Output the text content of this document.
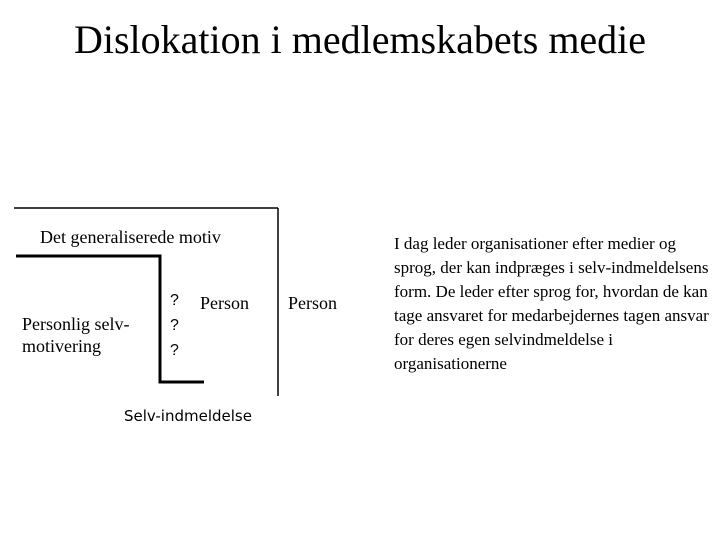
Dislokation i medlemskabets medie
Det generaliserede motiv
Personlig selv-
motivering
?
?
?
Person Person
Selv-indmeldelse

I dag leder organisationer efter medier og sprog, der kan indpræges i selv-indmeldelsens form. De leder efter sprog for, hvordan de kan tage ansvaret for medarbejdernes tagen ansvar for deres egen selvindmeldelse i organisationerne
